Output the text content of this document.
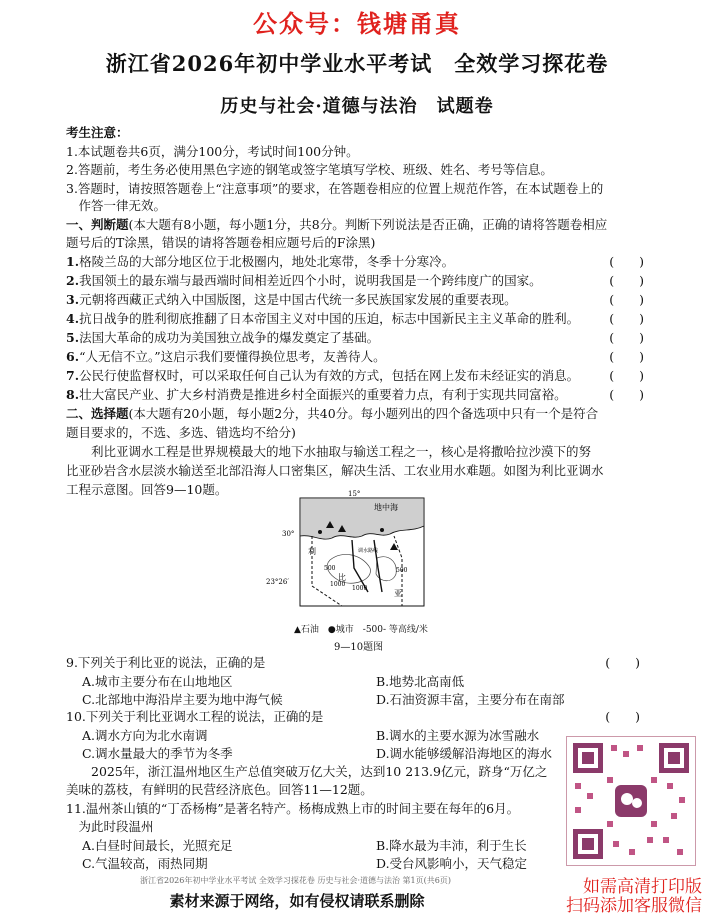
公众号：钱塘甬真
浙江省2026年初中学业水平考试　全效学习探花卷
历史与社会·道德与法治　试题卷
考生注意：
1.本试题卷共6页，满分100分，考试时间100分钟。
2.答题前，考生务必使用黑色字迹的钢笔或签字笔填写学校、班级、姓名、考号等信息。
3.答题时，请按照答题卷上“注意事项”的要求，在答题卷相应的位置上规范作答，在本试题卷上的
　作答一律无效。
一、判断题(本大题有8小题，每小题1分，共8分。判断下列说法是否正确，正确的请将答题卷相应
题号后的T涂黑，错误的请将答题卷相应题号后的F涂黑)
1.格陵兰岛的大部分地区位于北极圈内，地处北寒带，冬季十分寒冷。	(　　)
2.我国领土的最东端与最西端时间相差近四个小时，说明我国是一个跨纬度广的国家。	(　　)
3.元朝将西藏正式纳入中国版图，这是中国古代统一多民族国家发展的重要表现。	(　　)
4.抗日战争的胜利彻底推翻了日本帝国主义对中国的压迫，标志中国新民主主义革命的胜利。 (　　)
5.法国大革命的成功为美国独立战争的爆发奠定了基础。	(　　)
6.“人无信不立。”这启示我们要懂得换位思考，友善待人。	(　　)
7.公民行使监督权时，可以采取任何自己认为有效的方式，包括在网上发布未经证实的消息。 (　　)
8.壮大富民产业、扩大乡村消费是推进乡村全面振兴的重要着力点，有利于实现共同富裕。	(　　)
二、选择题(本大题有20小题，每小题2分，共40分。每小题列出的四个备选项中只有一个是符合
题目要求的，不选、多选、错选均不给分)
　　利比亚调水工程是世界规模最大的地下水抽取与输送工程之一，核心是将撒哈拉沙漠下的努
比亚砂岩含水层淡水输送至北部沿海人口密集区，解决生活、工农业用水难题。如图为利比亚调水
工程示意图。回答9—10题。	15°
30°
23°26′
地中海
利
比
亚
500
1000
500
1000
调水路线
▲石油　●城市　-500- 等高线/米
9—10题图
9.下列关于利比亚的说法，正确的是	(　　)
A.城市主要分布在山地地区	B.地势北高南低
C.北部地中海沿岸主要为地中海气候	D.石油资源丰富，主要分布在南部
10.下列关于利比亚调水工程的说法，正确的是	(　　)
A.调水方向为北水南调	B.调水的主要水源为冰雪融水
C.调水量最大的季节为冬季	D.调水能够缓解沿海地区的海水
　　2025年，浙江温州地区生产总值突破万亿大关，达到10 213.9亿元，跻身“万亿之
美味的荔枝，有鲜明的民营经济底色。回答11—12题。
11.温州茶山镇的“丁岙杨梅”是著名特产。杨梅成熟上市的时间主要在每年的6月。
　为此时段温州
A.白昼时间最长，光照充足	B.降水最为丰沛，利于生长
C.气温较高，雨热同期	D.受台风影响小，天气稳定
浙江省2026年初中学业水平考试 全效学习探花卷 历史与社会·道德与法治 第1页(共6页)	如需高清打印版
扫码添加客服微信
素材来源于网络，如有侵权请联系删除
